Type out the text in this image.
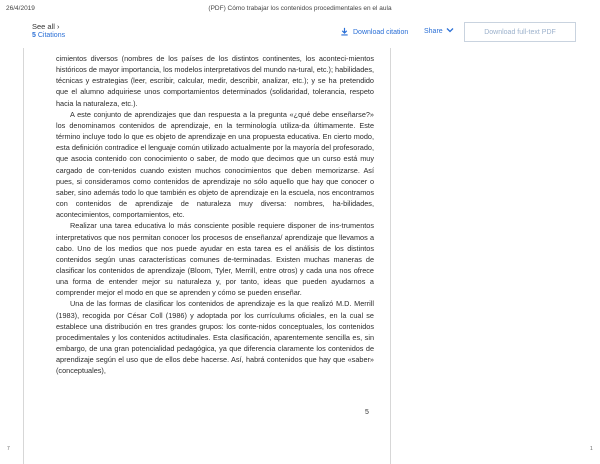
26/4/2019	(PDF) Cómo trabajar los contenidos procedimentales en el aula
See all ›
5 Citations	Download citation Share	Download full-text PDF

cimientos diversos (nombres de los países de los distintos continentes, los aconteci-mientos históricos de mayor importancia, los modelos interpretativos del mundo na-tural, etc.); habilidades, técnicas y estrategias (leer, escribir, calcular, medir, describir, analizar, etc.); y se ha pretendido que el alumno adquiriese unos comportamientos determinados (solidaridad, tolerancia, respeto hacia la naturaleza, etc.).

A este conjunto de aprendizajes que dan respuesta a la pregunta «¿qué debe enseñarse?» los denominamos contenidos de aprendizaje, en la terminología utiliza-da últimamente. Este término incluye todo lo que es objeto de aprendizaje en una propuesta educativa. En cierto modo, esta definición contradice el lenguaje común utilizado actualmente por la mayoría del profesorado, que asocia contenido con conocimiento o saber, de modo que decimos que un curso está muy cargado de con-tenidos cuando existen muchos conocimientos que deben memorizarse. Así pues, si consideramos como contenidos de aprendizaje no sólo aquello que hay que conocer o saber, sino además todo lo que también es objeto de aprendizaje en la escuela, nos encontramos con contenidos de aprendizaje de naturaleza muy diversa: nombres, ha-bilidades, acontecimientos, comportamientos, etc.

Realizar una tarea educativa lo más consciente posible requiere disponer de ins-trumentos interpretativos que nos permitan conocer los procesos de enseñanza/ aprendizaje que llevamos a cabo. Uno de los medios que nos puede ayudar en esta tarea es el análisis de los distintos contenidos según unas características comunes de-terminadas. Existen muchas maneras de clasificar los contenidos de aprendizaje (Bloom, Tyler, Merrill, entre otros) y cada una nos ofrece una forma de entender mejor su naturaleza y, por tanto, ideas que pueden ayudarnos a comprender mejor el modo en que se aprenden y cómo se pueden enseñar.

Una de las formas de clasificar los contenidos de aprendizaje es la que realizó M.D. Merrill (1983), recogida por César Coll (1986) y adoptada por los currículums oficiales, en la cual se establece una distribución en tres grandes grupos: los conte-nidos conceptuales, los contenidos procedimentales y los contenidos actitudinales. Esta clasificación, aparentemente sencilla es, sin embargo, de una gran potencialidad pedagógica, ya que diferencia claramente los contenidos de aprendizaje según el uso que de ellos debe hacerse. Así, habrá contenidos que hay que «saber» (conceptuales),

5
7	1
